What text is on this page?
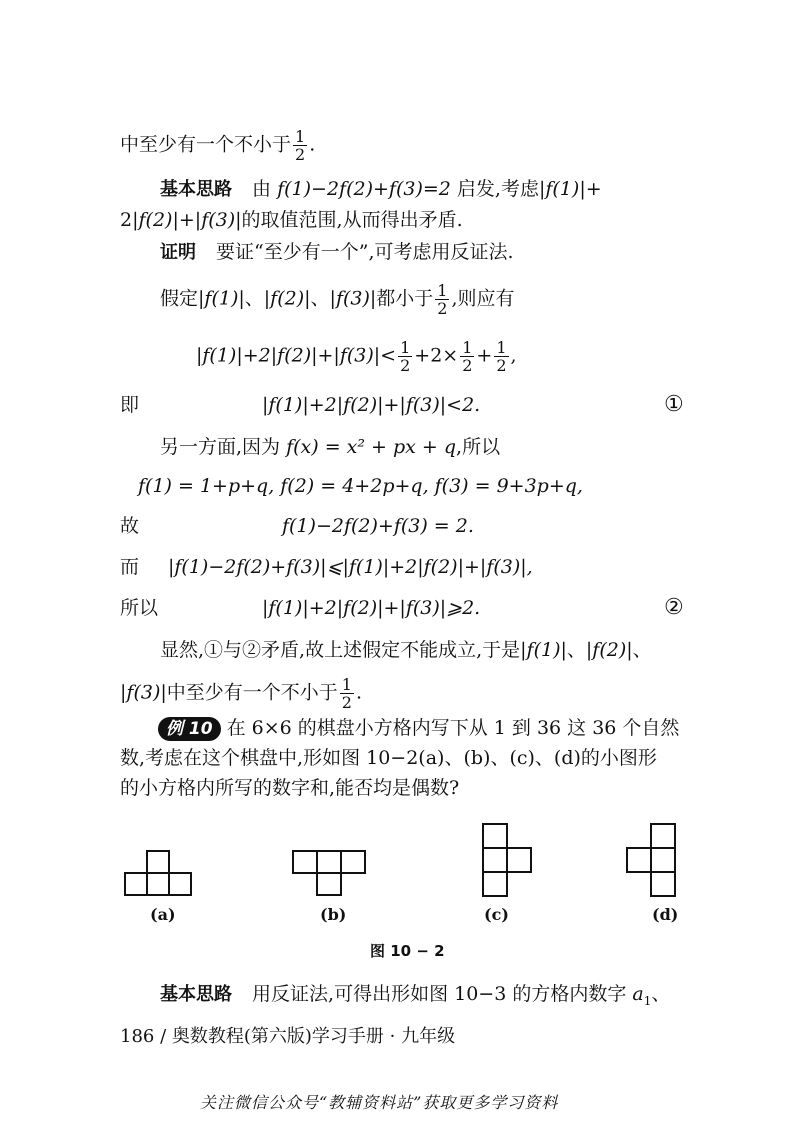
中至少有一个不小于 $\frac{1}{2}$ .
基本思路 由 f(1)−2f(2)+f(3)=2 启发,考虑|f(1)|+
2|f(2)|+|f(3)|的取值范围,从而得出矛盾.
证明 要证“至少有一个”,可考虑用反证法.
假定|f(1)|、|f(2)|、|f(3)|都小于 $\frac{1}{2}$ ,则应有
$|f(1)|+2|f(2)|+|f(3)|< \frac{1}{2} +2\times \frac{1}{2} + \frac{1}{2}$ ,
即	|f(1)|+2|f(2)|+|f(3)|<2.	①
另一方面,因为 f(x) = x² + px + q,所以
f(1) = 1+p+q, f(2) = 4+2p+q, f(3) = 9+3p+q,
故	f(1)−2f(2)+f(3) = 2.
而 |f(1)−2f(2)+f(3)|⩽|f(1)|+2|f(2)|+|f(3)|,
所以	|f(1)|+2|f(2)|+|f(3)|⩾2.	②
显然,①与②矛盾,故上述假定不能成立,于是|f(1)|、|f(2)|、
|f(3)|中至少有一个不小于 $\frac{1}{2}$ .
例 10 在 6×6 的棋盘小方格内写下从 1 到 36 这 36 个自然
数,考虑在这个棋盘中,形如图 10−2(a)、(b)、(c)、(d)的小图形
的小方格内所写的数字和,能否均是偶数?
(a)	(b)	(c)	(d)
图 10 − 2
基本思路 用反证法,可得出形如图 10−3 的方格内数字 $a_1$、
186 / 奥数教程(第六版)学习手册 · 九年级
关注微信公众号“教辅资料站”获取更多学习资料
